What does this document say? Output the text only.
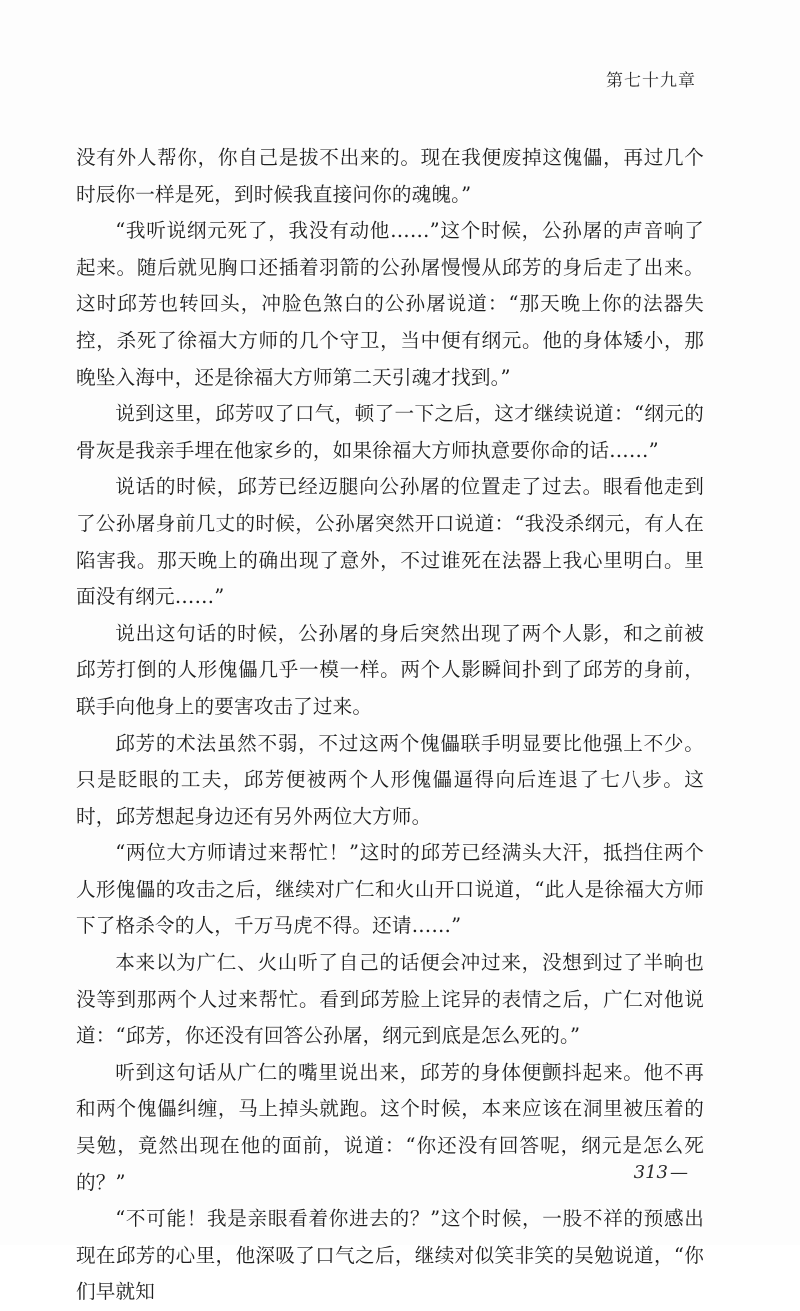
第七十九章

没有外人帮你，你自己是拔不出来的。现在我便废掉这傀儡，再过几个时辰你一样是死，到时候我直接问你的魂魄。”

“我听说纲元死了，我没有动他……”这个时候，公孙屠的声音响了起来。随后就见胸口还插着羽箭的公孙屠慢慢从邱芳的身后走了出来。这时邱芳也转回头，冲脸色煞白的公孙屠说道：“那天晚上你的法器失控，杀死了徐福大方师的几个守卫，当中便有纲元。他的身体矮小，那晚坠入海中，还是徐福大方师第二天引魂才找到。”

说到这里，邱芳叹了口气，顿了一下之后，这才继续说道：“纲元的骨灰是我亲手埋在他家乡的，如果徐福大方师执意要你命的话……”

说话的时候，邱芳已经迈腿向公孙屠的位置走了过去。眼看他走到了公孙屠身前几丈的时候，公孙屠突然开口说道：“我没杀纲元，有人在陷害我。那天晚上的确出现了意外，不过谁死在法器上我心里明白。里面没有纲元……”

说出这句话的时候，公孙屠的身后突然出现了两个人影，和之前被邱芳打倒的人形傀儡几乎一模一样。两个人影瞬间扑到了邱芳的身前，联手向他身上的要害攻击了过来。

邱芳的术法虽然不弱，不过这两个傀儡联手明显要比他强上不少。只是眨眼的工夫，邱芳便被两个人形傀儡逼得向后连退了七八步。这时，邱芳想起身边还有另外两位大方师。

“两位大方师请过来帮忙！”这时的邱芳已经满头大汗，抵挡住两个人形傀儡的攻击之后，继续对广仁和火山开口说道，“此人是徐福大方师下了格杀令的人，千万马虎不得。还请……”

本来以为广仁、火山听了自己的话便会冲过来，没想到过了半晌也没等到那两个人过来帮忙。看到邱芳脸上诧异的表情之后，广仁对他说道：“邱芳，你还没有回答公孙屠，纲元到底是怎么死的。”

听到这句话从广仁的嘴里说出来，邱芳的身体便颤抖起来。他不再和两个傀儡纠缠，马上掉头就跑。这个时候，本来应该在洞里被压着的吴勉，竟然出现在他的面前，说道：“你还没有回答呢，纲元是怎么死的？”

“不可能！我是亲眼看着你进去的？”这个时候，一股不祥的预感出现在邱芳的心里，他深吸了口气之后，继续对似笑非笑的吴勉说道，“你们早就知

313 —
